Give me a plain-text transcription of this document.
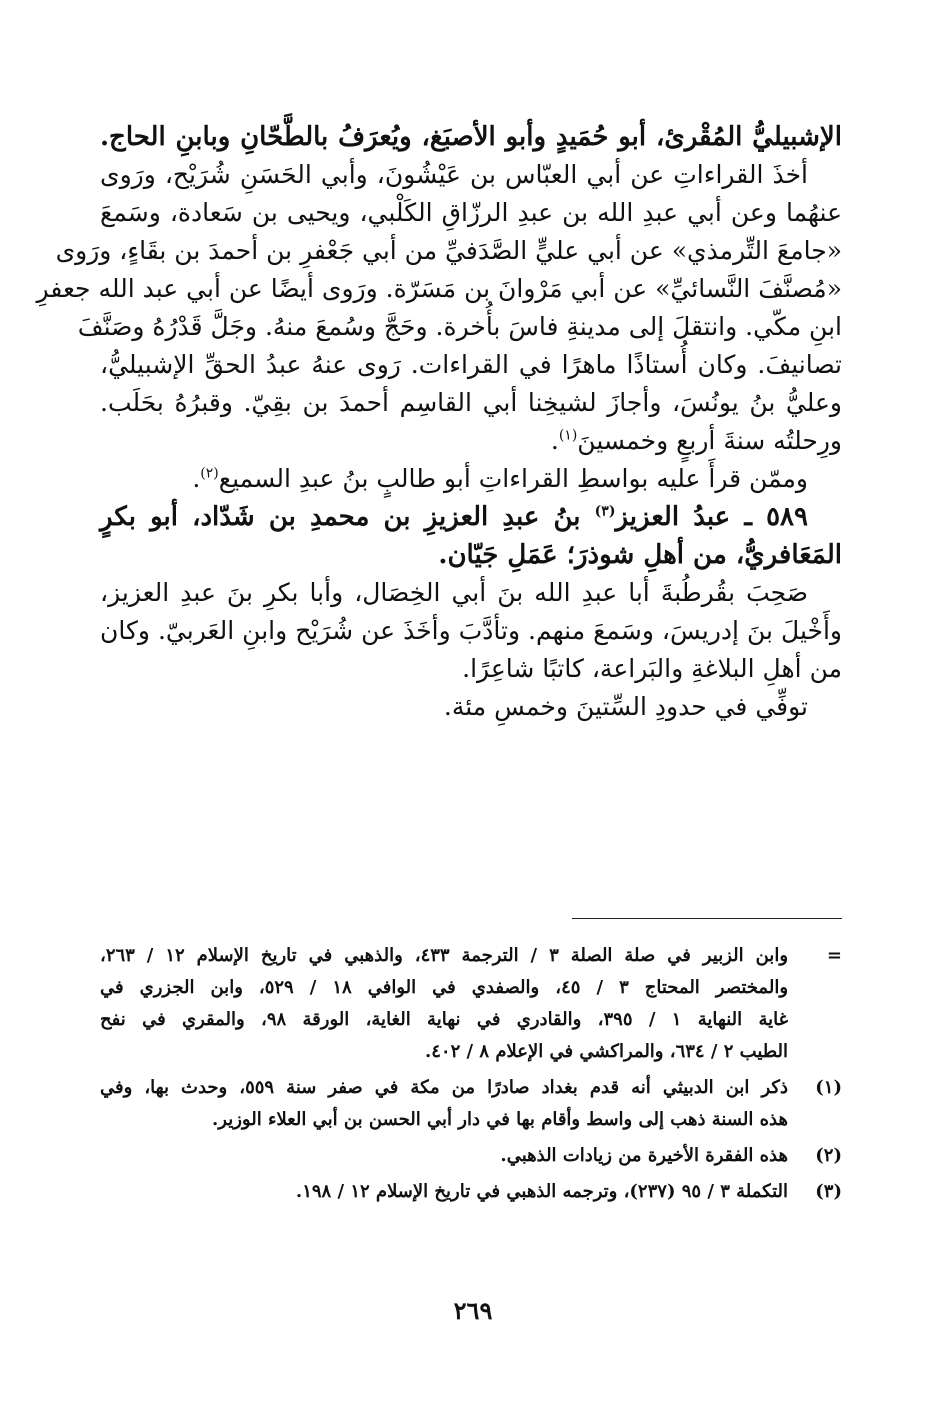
الإشبيليُّ المُقْرئ، أبو حُمَيدٍ وأبو الأصبَغ، ويُعرَفُ بالطَّحّانِ وبابنِ الحاج.

أخذَ القراءاتِ عن أبي العبّاس بن عَيْشُونَ، وأبي الحَسَنِ شُرَيْح، ورَوى

عنهُما وعن أبي عبدِ الله بن عبدِ الرزّاقِ الكَلْبي، ويحيى بن سَعادة، وسَمعَ

«جامعَ التِّرمذي» عن أبي عليٍّ الصَّدَفيِّ من أبي جَعْفرِ بن أحمدَ بن بقَاءٍ، ورَوى

«مُصنَّفَ النَّسائيِّ» عن أبي مَرْوانَ بن مَسَرّة. ورَوى أيضًا عن أبي عبد الله جعفرِ

ابنِ مكّي. وانتقلَ إلى مدينةِ فاسَ بأُخرة. وحَجَّ وسُمعَ منهُ. وجَلَّ قَدْرُهُ وصَنَّفَ

تصانيفَ. وكان أُستاذًا ماهرًا في القراءات. رَوى عنهُ عبدُ الحقِّ الإشبيليُّ،

وعليُّ بنُ يونُسَ، وأجازَ لشيخِنا أبي القاسِم أحمدَ بن بقِيّ. وقبرُهُ بحَلَب.

ورِحلتُه سنةَ أربعٍ وخمسينَ$^{(١)}$.

وممّن قرأَ عليه بواسطِ القراءاتِ أبو طالبٍ بنُ عبدِ السميع$^{(٢)}$.

٥٨٩ ـ عبدُ العزيز$^{(٣)}$ بنُ عبدِ العزيزِ بن محمدِ بن شَدّاد، أبو بكرٍ

المَعَافريُّ، من أهلِ شوذرَ؛ عَمَلِ جَيّان.

صَحِبَ بقُرطُبةَ أبا عبدِ الله بنَ أبي الخِصَال، وأبا بكرِ بنَ عبدِ العزيز،

وأَخْيلَ بنَ إدريسَ، وسَمعَ منهم. وتأدَّبَ وأخَذَ عن شُرَيْح وابنِ العَربيّ. وكان

من أهلِ البلاغةِ والبَراعة، كاتبًا شاعِرًا.

توفِّي في حدودِ السِّتينَ وخمسِ مئة.

=

وابن الزبير في صلة الصلة ٣ / الترجمة ٤٣٣، والذهبي في تاريخ الإسلام ١٢ / ٢٦٣،

والمختصر المحتاج ٣ / ٤٥، والصفدي في الوافي ١٨ / ٥٢٩، وابن الجزري في

غاية النهاية ١ / ٣٩٥، والقادري في نهاية الغاية، الورقة ٩٨، والمقري في نفح

الطيب ٢ / ٦٣٤، والمراكشي في الإعلام ٨ / ٤٠٢.

(١)

ذكر ابن الدبيثي أنه قدم بغداد صادرًا من مكة في صفر سنة ٥٥٩، وحدث بها، وفي

هذه السنة ذهب إلى واسط وأقام بها في دار أبي الحسن بن أبي العلاء الوزير.

(٢)

هذه الفقرة الأخيرة من زيادات الذهبي.

(٣)

التكملة ٣ / ٩٥ (٢٣٧)، وترجمه الذهبي في تاريخ الإسلام ١٢ / ١٩٨.

٢٦٩
